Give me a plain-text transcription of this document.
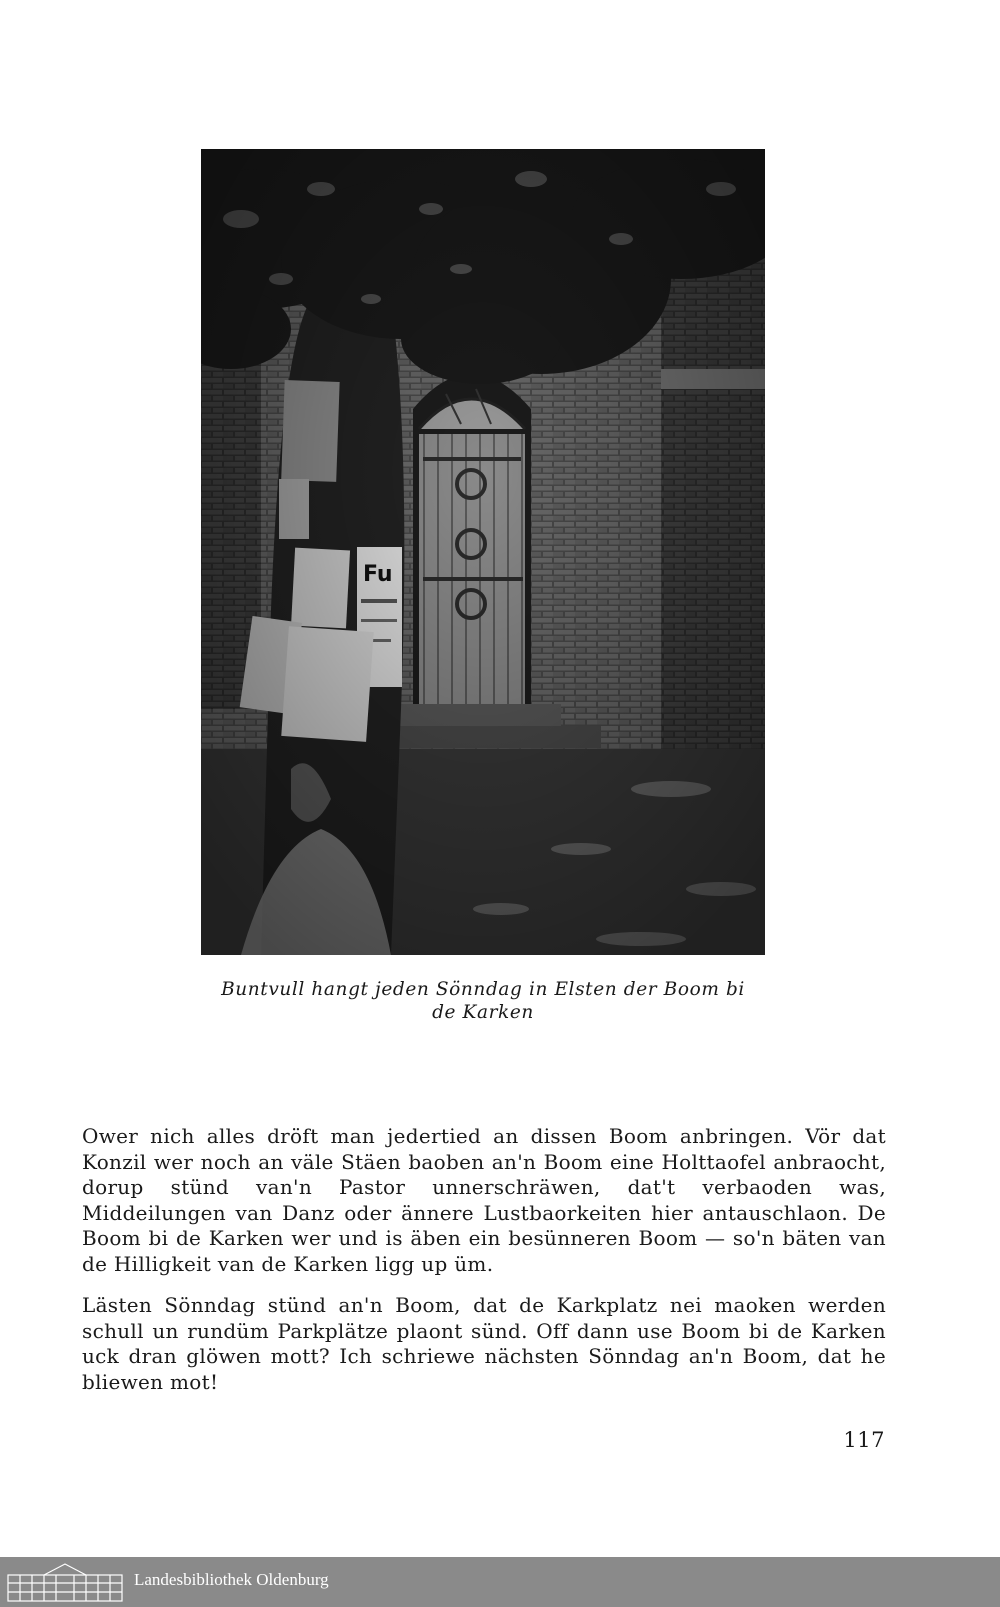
Buntvull hangt jeden Sönndag in Elsten der Boom bi
de Karken

Ower nich alles dröft man jedertied an dissen Boom anbringen. Vör dat Konzil wer noch an väle Stäen baoben an'n Boom eine Holttaofel anbraocht, dorup stünd van'n Pastor unnerschräwen, dat't verbaoden was, Middeilungen van Danz oder ännere Lustbaorkeiten hier antauschlaon. De Boom bi de Karken wer und is äben ein besünneren Boom — so'n bäten van de Hilligkeit van de Karken ligg up üm.

Lästen Sönndag stünd an'n Boom, dat de Karkplatz nei maoken werden schull un rundüm Parkplätze plaont sünd. Off dann use Boom bi de Karken uck dran glöwen mott? Ich schriewe nächsten Sönndag an'n Boom, dat he bliewen mot!

117
Landesbibliothek Oldenburg
